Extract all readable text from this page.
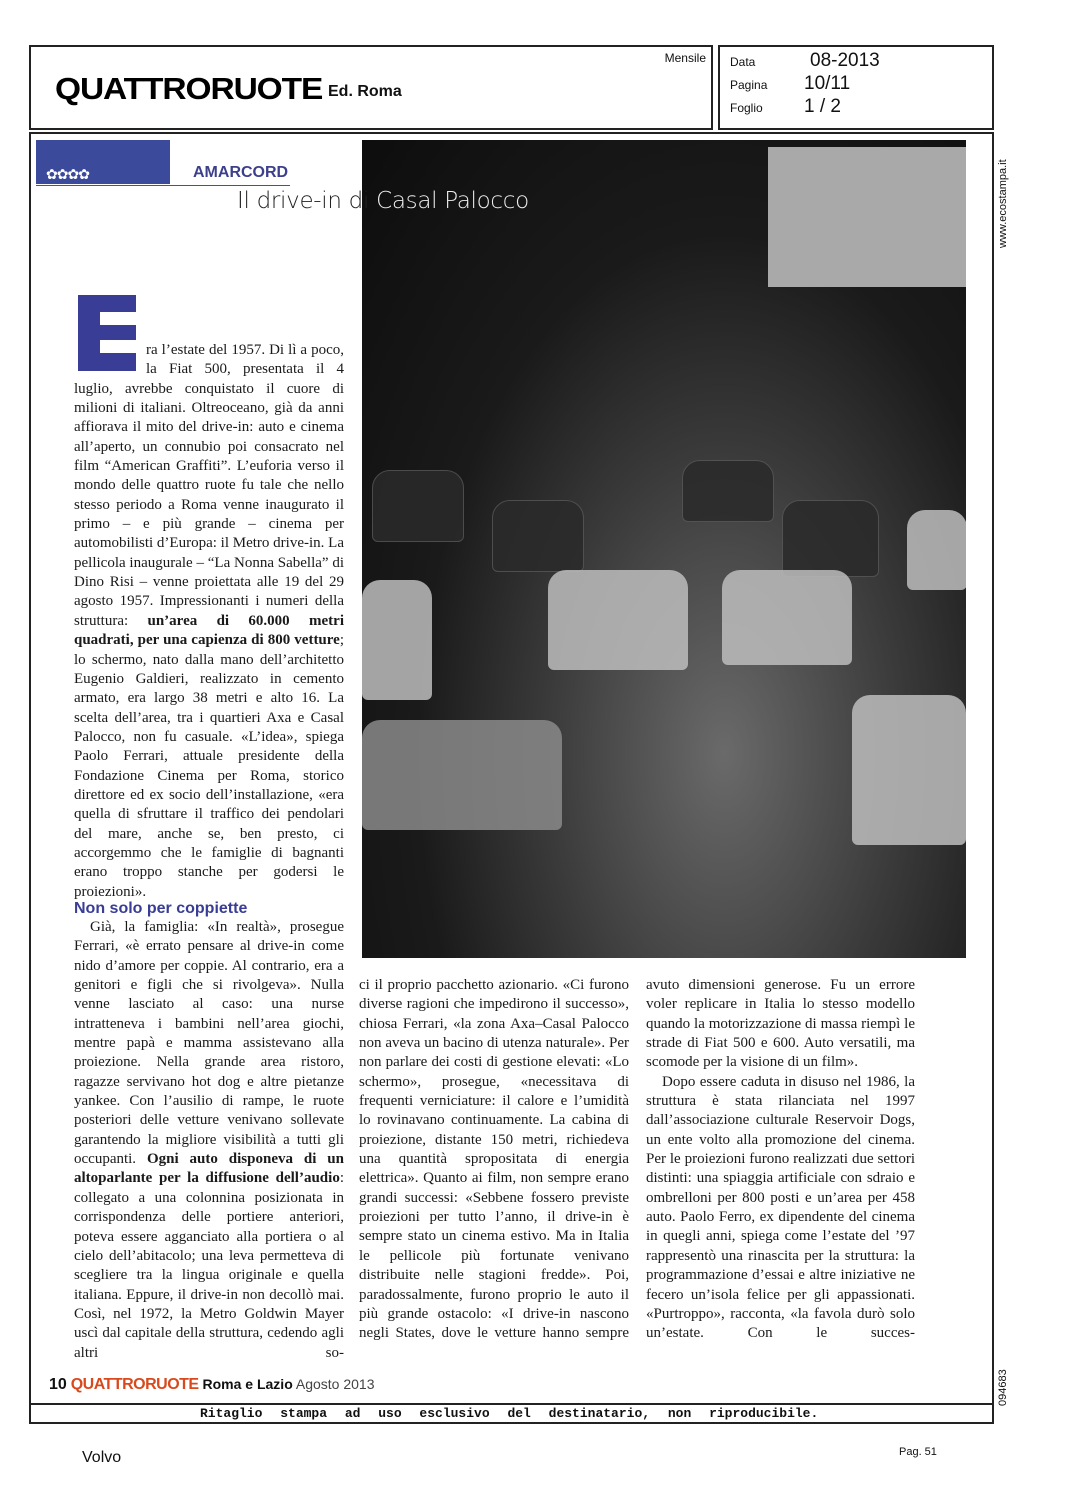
QUATTRORUOTE Ed. Roma
Mensile Data	08-2013
Pagina 10/11
Foglio 1 / 2
www.ecostampa.it
094683
✿✿✿✿	AMARCORD
Il drive-in di Casal Palocco

ra l’estate del 1957. Di lì a poco, la Fiat 500, presentata il 4 luglio, avrebbe conquistato il cuore di milioni di italiani. Oltreoceano, già da anni affiorava il mito del drive-in: auto e cinema all’aperto, un connubio poi consacrato nel film “American Graffiti”. L’euforia verso il mondo delle quattro ruote fu tale che nello stesso periodo a Roma venne inaugurato il primo – e più grande – cinema per automobilisti d’Europa: il Metro drive-in. La pellicola inaugurale – “La Nonna Sabella” di Dino Risi – venne proiettata alle 19 del 29 agosto 1957. Impressionanti i numeri della struttura: un’area di 60.000 metri quadrati, per una capienza di 800 vetture; lo schermo, nato dalla mano dell’architetto Eugenio Galdieri, realizzato in cemento armato, era largo 38 metri e alto 16. La scelta dell’area, tra i quartieri Axa e Casal Palocco, non fu casuale. «L’idea», spiega Paolo Ferrari, attuale presidente della Fondazione Cinema per Roma, storico direttore ed ex socio dell’installazione, «era quella di sfruttare il traffico dei pendolari del mare, anche se, ben presto, ci accorgemmo che le famiglie di bagnanti erano troppo stanche per godersi le proiezioni».

Non solo per coppiette

Già, la famiglia: «In realtà», prosegue Ferrari, «è errato pensare al drive-in come nido d’amore per coppie. Al contrario, era a genitori e figli che si rivolgeva». Nulla venne lasciato al caso: una nurse intratteneva i bambini nell’area giochi, mentre papà e mamma assistevano alla proiezione. Nella grande area ristoro, ragazze servivano hot dog e altre pietanze yankee. Con l’ausilio di rampe, le ruote posteriori delle vetture venivano sollevate garantendo la migliore visibilità a tutti gli occupanti. Ogni auto disponeva di un altoparlante per la diffusione dell’audio: collegato a una colonnina posizionata in corrispondenza delle portiere anteriori, poteva essere agganciato alla portiera o al cielo dell’abitacolo; una leva permetteva di scegliere tra la lingua originale e quella italiana. Eppure, il drive-in non decollò mai. Così, nel 1972, la Metro Goldwin Mayer uscì dal capitale della struttura, cedendo agli altri so-

ci il proprio pacchetto azionario. «Ci furono diverse ragioni che impedirono il successo», chiosa Ferrari, «la zona Axa–Casal Palocco non aveva un bacino di utenza naturale». Per non parlare dei costi di gestione elevati: «Lo schermo», prosegue, «necessitava di frequenti verniciature: il calore e l’umidità lo rovinavano continuamente. La cabina di proiezione, distante 150 metri, richiedeva una quantità spropositata di energia elettrica». Quanto ai film, non sempre erano grandi successi: «Sebbene fossero previste proiezioni per tutto l’anno, il drive-in è sempre stato un cinema estivo. Ma in Italia le pellicole più fortunate venivano distribuite nelle stagioni fredde». Poi, paradossalmente, furono proprio le auto il più grande ostacolo: «I drive-in nascono negli States, dove le vetture hanno sempre

avuto dimensioni generose. Fu un errore voler replicare in Italia lo stesso modello quando la motorizzazione di massa riempì le strade di Fiat 500 e 600. Auto versatili, ma scomode per la visione di un film».

Dopo essere caduta in disuso nel 1986, la struttura è stata rilanciata nel 1997 dall’associazione culturale Reservoir Dogs, un ente volto alla promozione del cinema. Per le proiezioni furono realizzati due settori distinti: una spiaggia artificiale con sdraio e ombrelloni per 800 posti e un’area per 458 auto. Paolo Ferro, ex dipendente del cinema in quegli anni, spiega come l’estate del ’97 rappresentò una rinascita per la struttura: la programmazione d’essai e altre iniziative ne fecero un’isola felice per gli appassionati. «Purtroppo», racconta, «la favola durò solo un’estate. Con le succes-

10 QUATTRORUOTE Roma e Lazio Agosto 2013
Ritaglio stampa ad uso esclusivo del destinatario, non riproducibile.
Volvo	Pag. 51
